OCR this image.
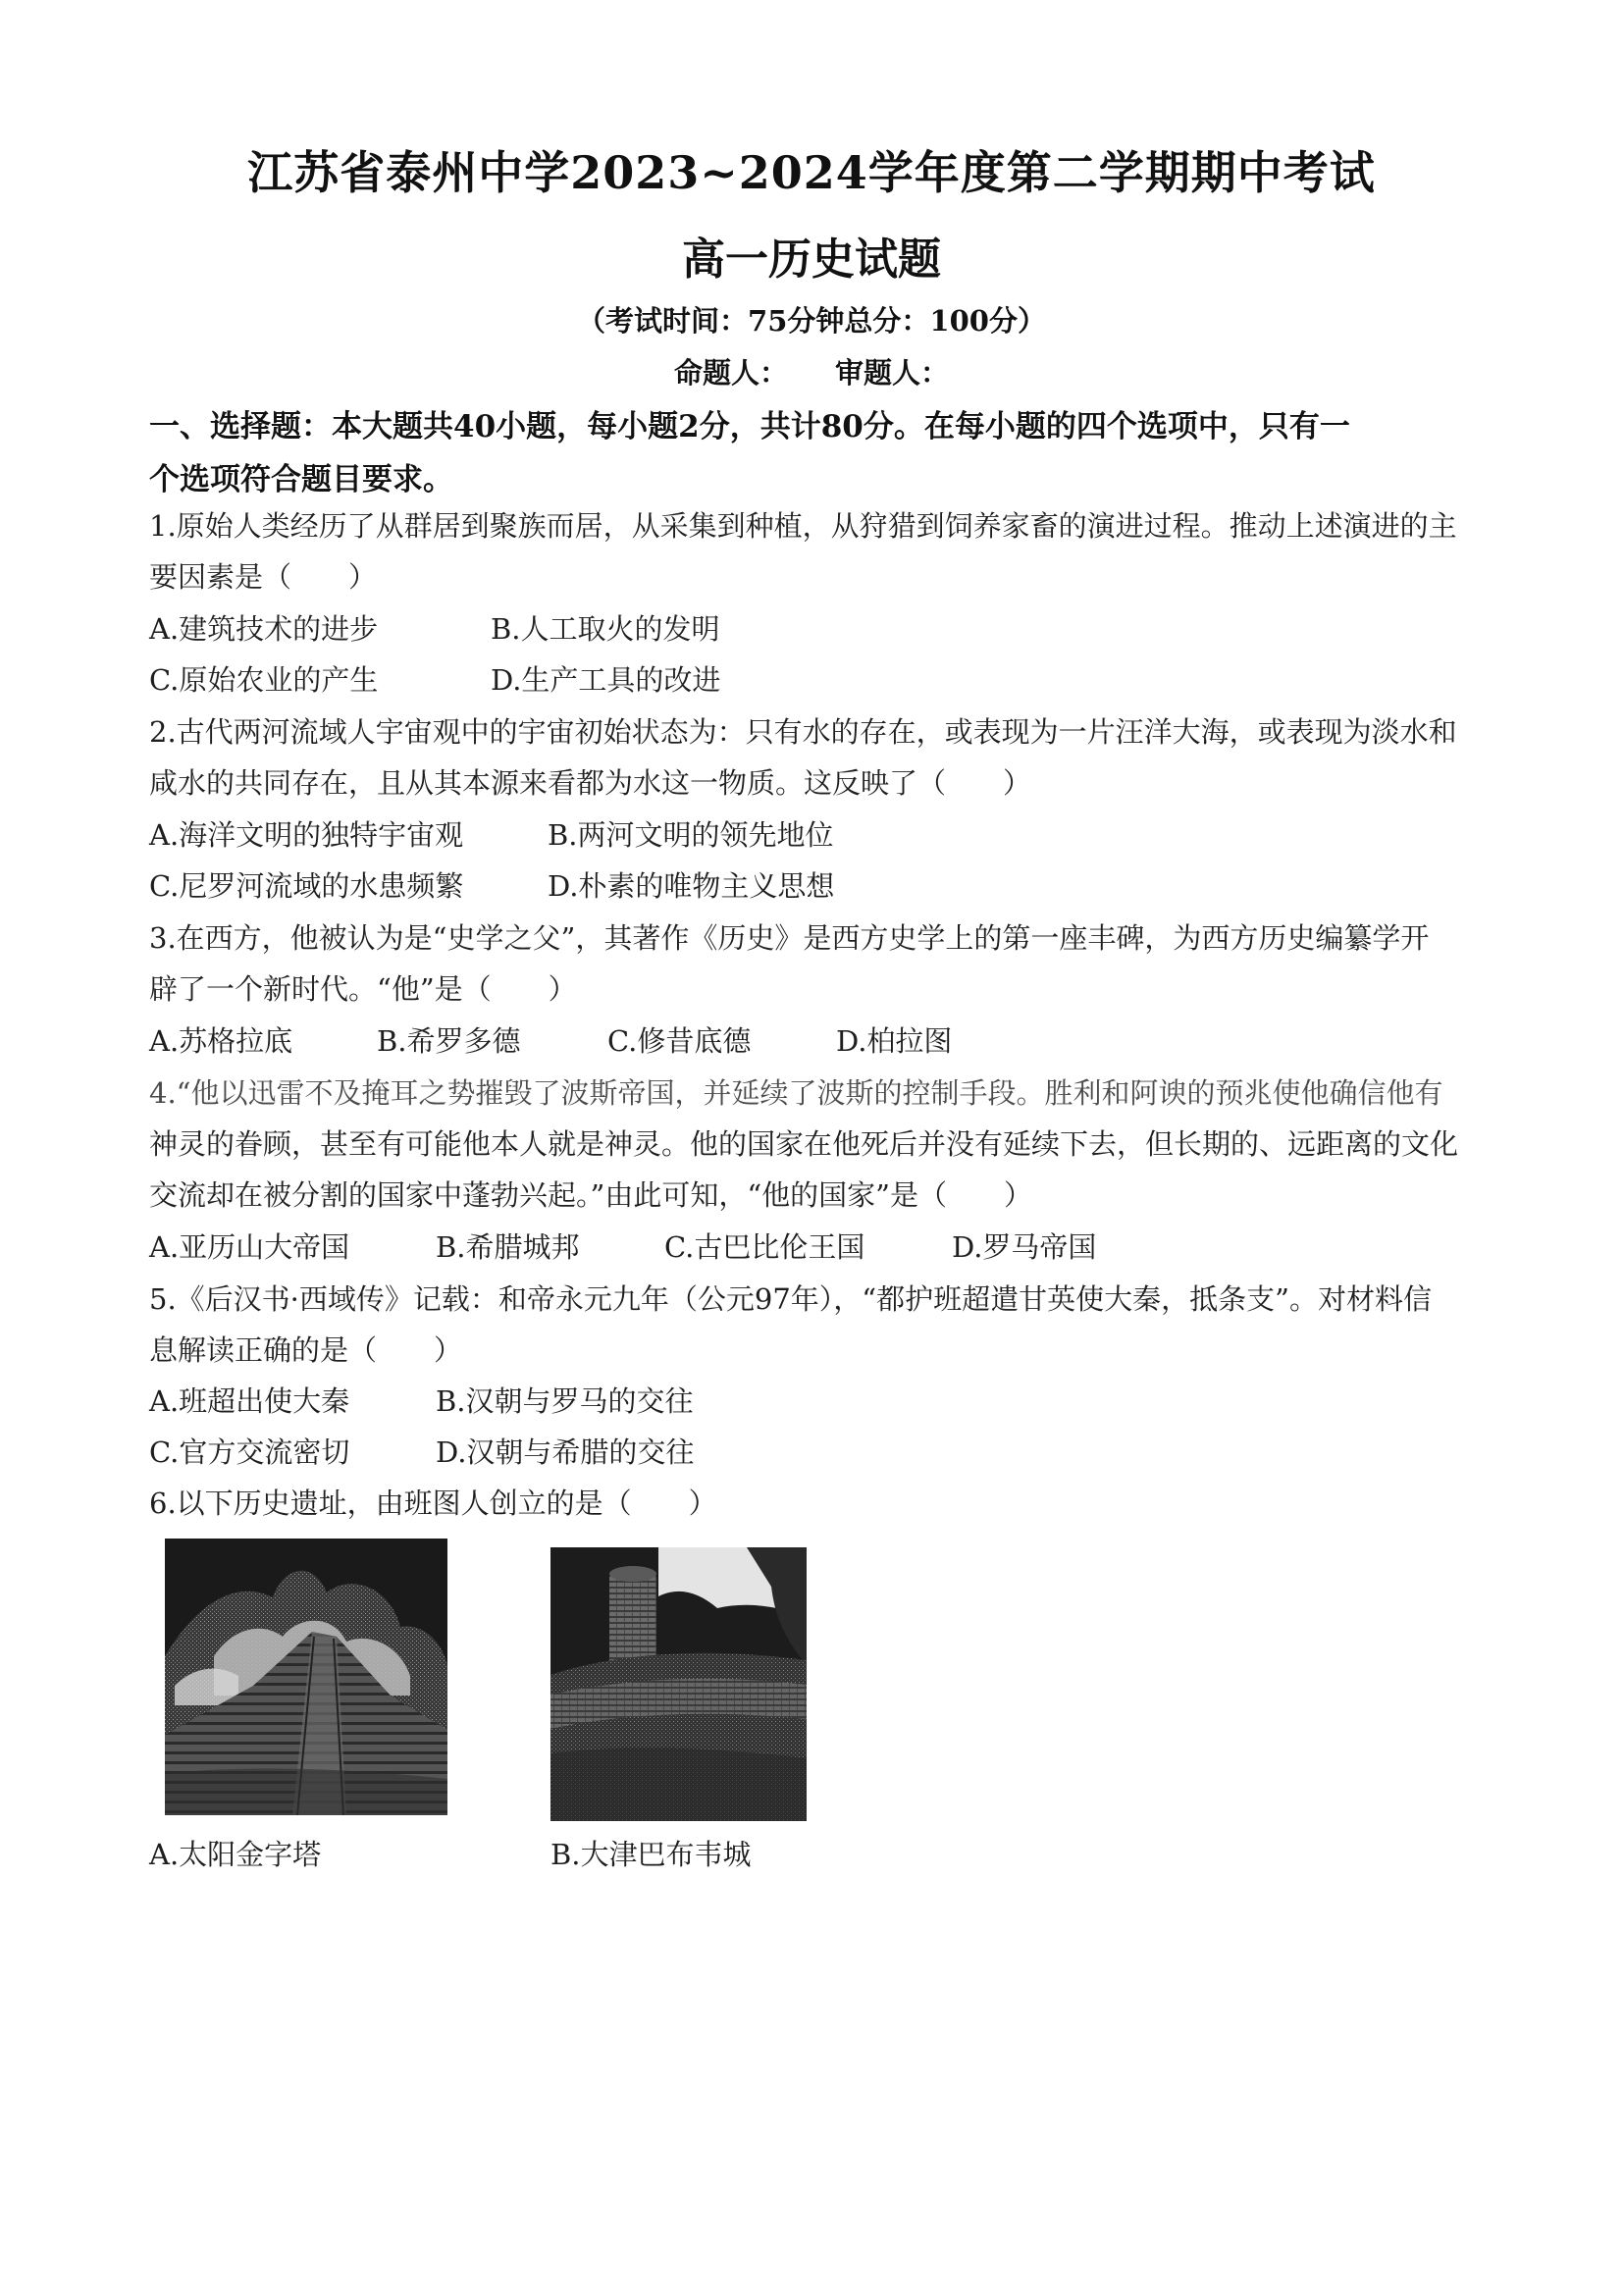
江苏省泰州中学2023~2024学年度第二学期期中考试
高一历史试题
（考试时间：75分钟总分：100分）
命题人： 审题人：
一、选择题：本大题共40小题，每小题2分，共计80分。在每小题的四个选项中，只有一
个选项符合题目要求。
1.原始人类经历了从群居到聚族而居，从采集到种植，从狩猎到饲养家畜的演进过程。推动上述演进的主
要因素是（　　）
A.建筑技术的进步	B.人工取火的发明
C.原始农业的产生	D.生产工具的改进
2.古代两河流域人宇宙观中的宇宙初始状态为：只有水的存在，或表现为一片汪洋大海，或表现为淡水和
咸水的共同存在，且从其本源来看都为水这一物质。这反映了（　　）
A.海洋文明的独特宇宙观	B.两河文明的领先地位
C.尼罗河流域的水患频繁	D.朴素的唯物主义思想
3.在西方，他被认为是“史学之父”，其著作《历史》是西方史学上的第一座丰碑，为西方历史编纂学开
辟了一个新时代。“他”是（　　）
A.苏格拉底	B.希罗多德	C.修昔底德	D.柏拉图
4.“他以迅雷不及掩耳之势摧毁了波斯帝国，并延续了波斯的控制手段。胜利和阿谀的预兆使他确信他有
神灵的眷顾，甚至有可能他本人就是神灵。他的国家在他死后并没有延续下去，但长期的、远距离的文化
交流却在被分割的国家中蓬勃兴起。”由此可知，“他的国家”是（　　）
A.亚历山大帝国	B.希腊城邦	C.古巴比伦王国	D.罗马帝国
5.《后汉书·西域传》记载：和帝永元九年（公元97年），“都护班超遣甘英使大秦，抵条支”。对材料信
息解读正确的是（　　）
A.班超出使大秦	B.汉朝与罗马的交往
C.官方交流密切	D.汉朝与希腊的交往
6.以下历史遗址，由班图人创立的是（　　）
A.太阳金字塔	B.大津巴布韦城
